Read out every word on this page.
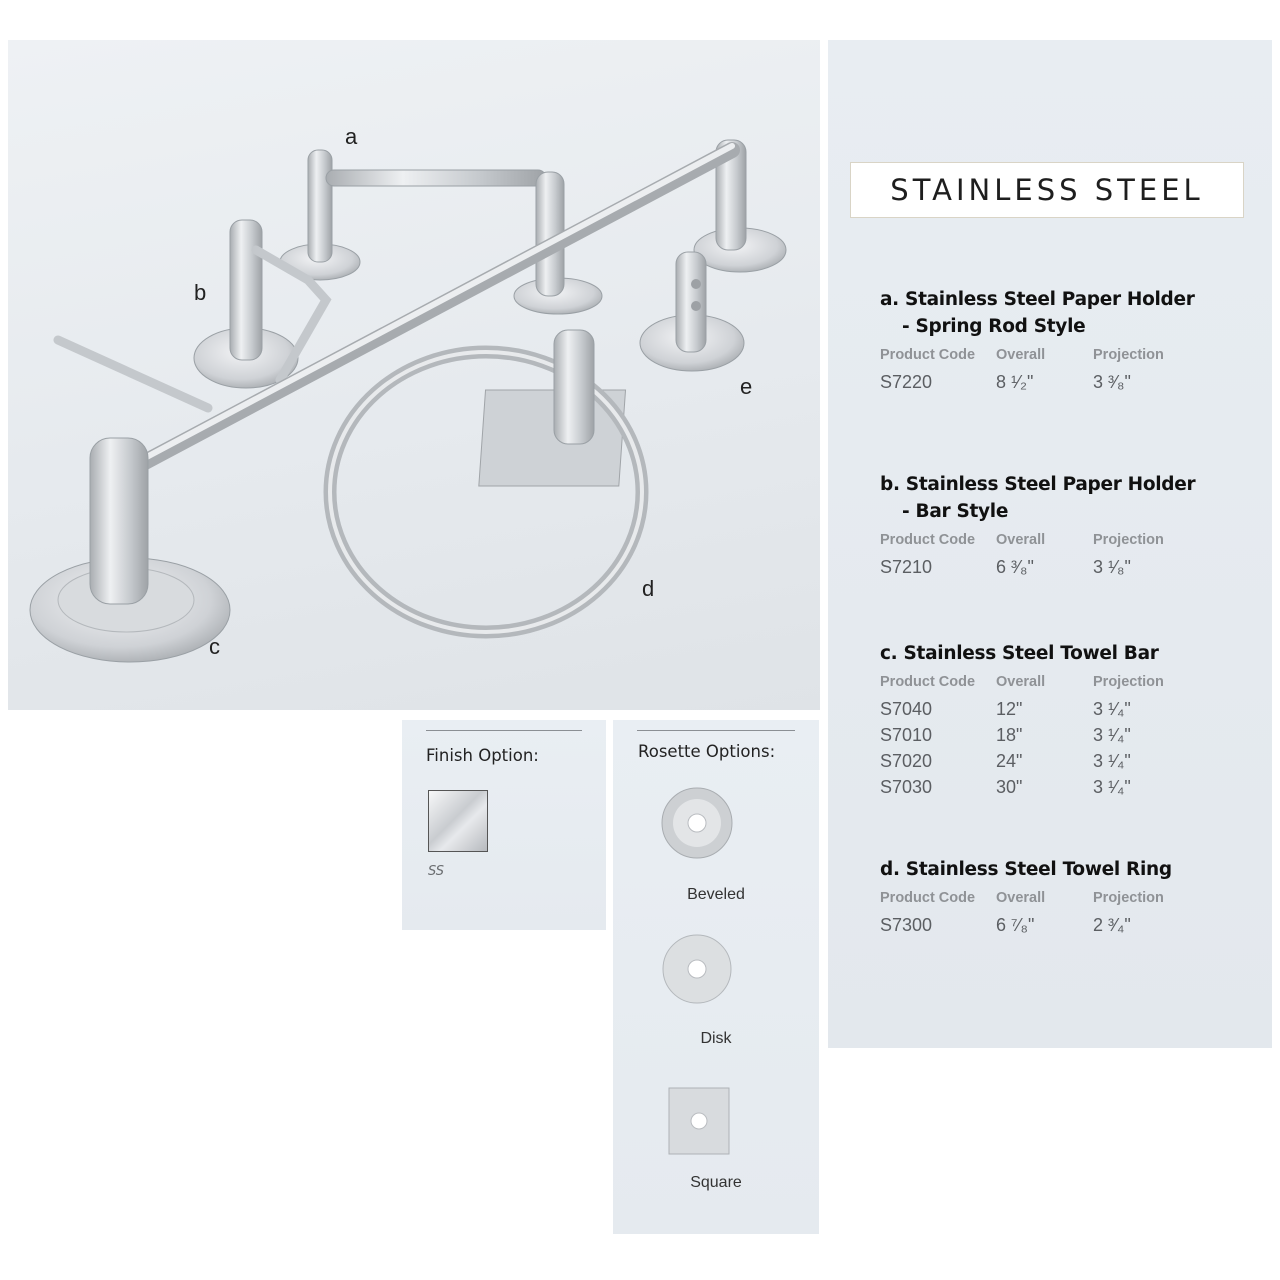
a
b
c
d
e
STAINLESS STEEL
a. Stainless Steel Paper Holder
- Spring Rod Style
Product Code	Overall	Projection
S7220	8 ¹⁄₂"	3 ³⁄₈"
b. Stainless Steel Paper Holder
- Bar Style
Product Code	Overall	Projection
S7210	6 ³⁄₈"	3 ¹⁄₈"
c. Stainless Steel Towel Bar
Product Code	Overall	Projection
S7040	12"	3 ¹⁄₄"
S7010	18"	3 ¹⁄₄"
S7020	24"	3 ¹⁄₄"
S7030	30"	3 ¹⁄₄"
d. Stainless Steel Towel Ring
Product Code	Overall	Projection
S7300	6 ⁷⁄₈"	2 ³⁄₄"
Finish Option:
SS
Rosette Options:
Beveled
Disk
Square
